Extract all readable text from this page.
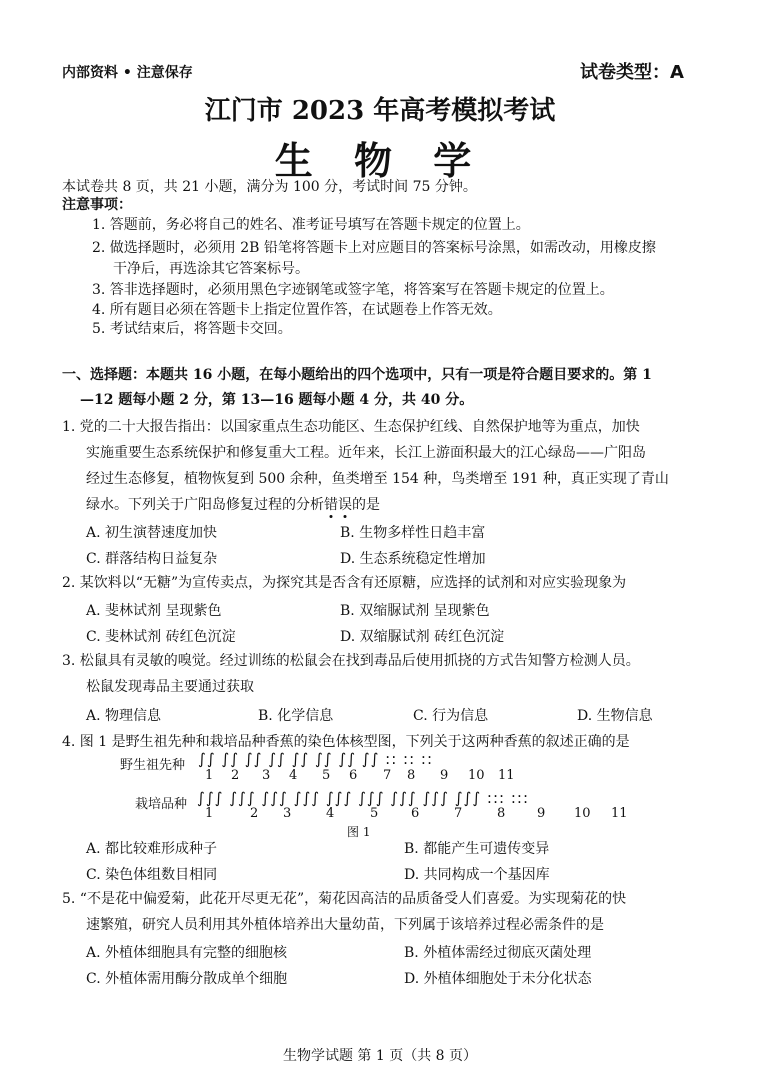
内部资料 • 注意保存	试卷类型：A
江门市 2023 年高考模拟考试
生 物 学
本试卷共 8 页，共 21 小题，满分为 100 分，考试时间 75 分钟。
注意事项：
1. 答题前，务必将自己的姓名、准考证号填写在答题卡规定的位置上。
2. 做选择题时，必须用 2B 铅笔将答题卡上对应题目的答案标号涂黑，如需改动，用橡皮擦
干净后，再选涂其它答案标号。
3. 答非选择题时，必须用黑色字迹钢笔或签字笔，将答案写在答题卡规定的位置上。
4. 所有题目必须在答题卡上指定位置作答，在试题卷上作答无效。
5. 考试结束后，将答题卡交回。
一、选择题：本题共 16 小题，在每小题给出的四个选项中，只有一项是符合题目要求的。第 1
—12 题每小题 2 分，第 13—16 题每小题 4 分，共 40 分。
1. 党的二十大报告指出：以国家重点生态功能区、生态保护红线、自然保护地等为重点，加快
实施重要生态系统保护和修复重大工程。近年来，长江上游面积最大的江心绿岛——广阳岛
经过生态修复，植物恢复到 500 余种，鱼类增至 154 种，鸟类增至 191 种，真正实现了青山
绿水。下列关于广阳岛修复过程的分析错误的是
A. 初生演替速度加快	B. 生物多样性日趋丰富
C. 群落结构日益复杂	D. 生态系统稳定性增加
2. 某饮料以“无糖”为宣传卖点，为探究其是否含有还原糖，应选择的试剂和对应实验现象为
A. 斐林试剂 呈现紫色	B. 双缩脲试剂 呈现紫色
C. 斐林试剂 砖红色沉淀	D. 双缩脲试剂 砖红色沉淀
3. 松鼠具有灵敏的嗅觉。经过训练的松鼠会在找到毒品后使用抓挠的方式告知警方检测人员。
松鼠发现毒品主要通过获取
A. 物理信息	B. 化学信息	C. 行为信息	D. 生物信息
4. 图 1 是野生祖先种和栽培品种香蕉的染色体核型图，下列关于这两种香蕉的叙述正确的是
野生祖先种 ∫∫ ∫∫ ∫∫ ∫∫ ∫∫ ∫∫ ∫∫ ∫∫ :: :: ::
1 2 3 4 5 6 7 8 9 10 11
栽培品种 ∫∫∫ ∫∫∫ ∫∫∫ ∫∫∫ ∫∫∫ ∫∫∫ ∫∫∫ ∫∫∫ ∫∫∫ ::: :::
1	2 3	4	5	6	7	8 9 10 11
图 1
A. 都比较难形成种子	B. 都能产生可遗传变异
C. 染色体组数目相同	D. 共同构成一个基因库
5. “不是花中偏爱菊，此花开尽更无花”，菊花因高洁的品质备受人们喜爱。为实现菊花的快
速繁殖，研究人员利用其外植体培养出大量幼苗，下列属于该培养过程必需条件的是
A. 外植体细胞具有完整的细胞核	B. 外植体需经过彻底灭菌处理
C. 外植体需用酶分散成单个细胞	D. 外植体细胞处于未分化状态
生物学试题 第 1 页（共 8 页）
